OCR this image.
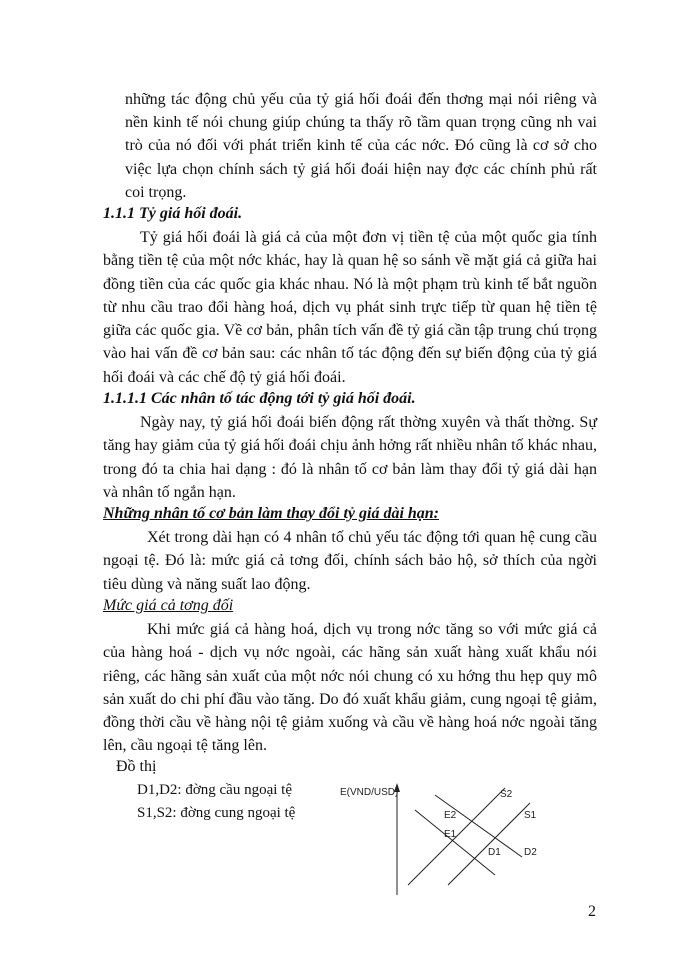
những tác động chủ yếu của tỷ giá hối đoái đến thơng mại nói riêng và

nền kinh tế nói chung giúp chúng ta thấy rõ tầm quan trọng cũng nh vai

trò của nó đối với phát triển kinh tế của các nớc. Đó cũng là cơ sở cho

việc lựa chọn chính sách tỷ giá hối đoái hiện nay đợc các chính phủ rất

coi trọng.

1.1.1 Tỷ giá hối đoái.

Tỷ giá hối đoái là giá cả của một đơn vị tiền tệ của một quốc gia tính bằng tiền tệ của một nớc khác, hay là quan hệ so sánh về mặt giá cả giữa hai đồng tiền của các quốc gia khác nhau. Nó là một phạm trù kinh tế bắt nguồn từ nhu cầu trao đổi hàng hoá, dịch vụ phát sinh trực tiếp từ quan hệ tiền tệ giữa các quốc gia. Về cơ bản, phân tích vấn đề tỷ giá cần tập trung chú trọng vào hai vấn đề cơ bản sau: các nhân tố tác động đến sự biến động của tỷ giá hối đoái và các chế độ tỷ giá hối đoái.

1.1.1.1 Các nhân tố tác động tới tỷ giá hối đoái.

Ngày nay, tỷ giá hối đoái biến động rất thờng xuyên và thất thờng. Sự tăng hay giảm của tỷ giá hối đoái chịu ảnh hởng rất nhiều nhân tố khác nhau, trong đó ta chia hai dạng : đó là nhân tố cơ bản làm thay đổi tỷ giá dài hạn và nhân tố ngắn hạn.

Những nhân tố cơ bản làm thay đổi tỷ giá dài hạn:

Xét trong dài hạn có 4 nhân tố chủ yếu tác động tới quan hệ cung cầu ngoại tệ. Đó là: mức giá cả tơng đối, chính sách bảo hộ, sở thích của ngời tiêu dùng và năng suất lao động.

Mức giá cả tơng đối

Khi mức giá cả hàng hoá, dịch vụ trong nớc tăng so với mức giá cả của hàng hoá - dịch vụ nớc ngoài, các hãng sản xuất hàng xuất khẩu nói riêng, các hãng sản xuất của một nớc nói chung có xu hớng thu hẹp quy mô sản xuất do chi phí đầu vào tăng. Do đó xuất khẩu giảm, cung ngoại tệ giảm, đồng thời cầu về hàng nội tệ giảm xuống và cầu về hàng hoá nớc ngoài tăng lên, cầu ngoại tệ tăng lên.

Đồ thị

D1,D2: đờng cầu ngoại tệ

S1,S2: đờng cung ngoại tệ

E(VND/USD)	S2
S1
E2
E1
D1 D2

2
